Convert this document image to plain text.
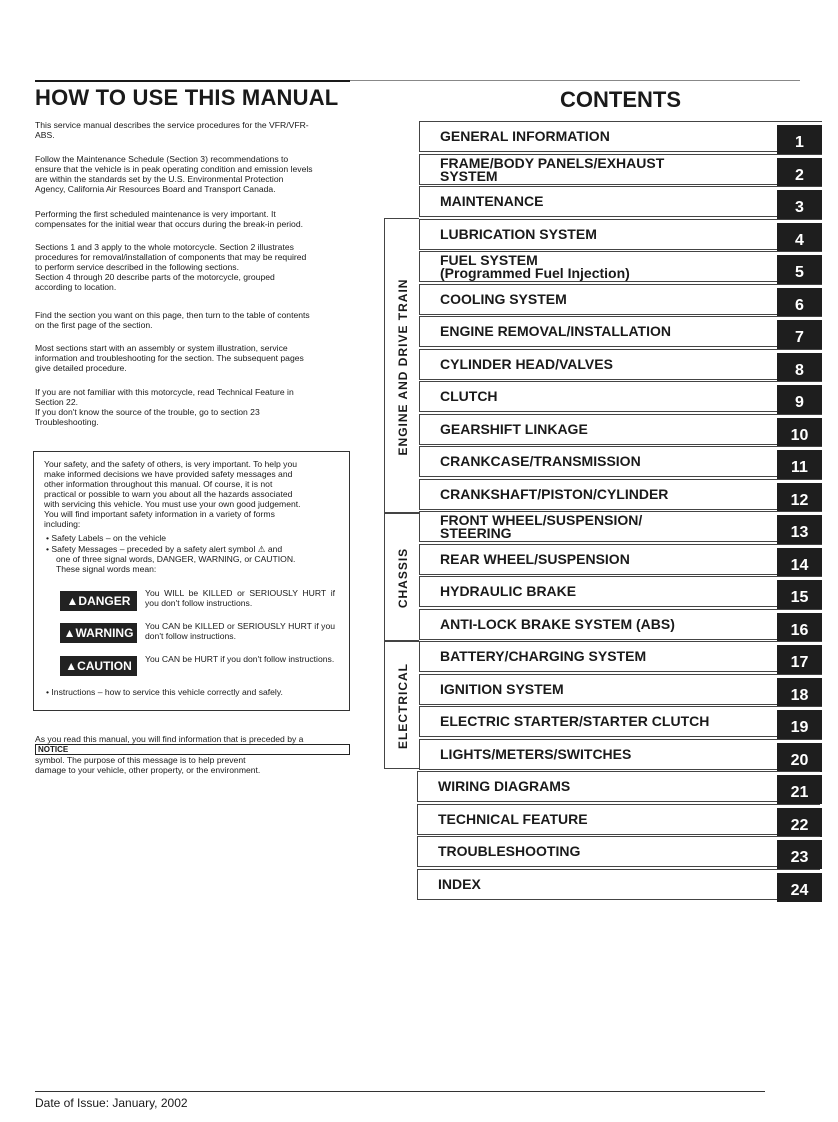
HOW TO USE THIS MANUAL	CONTENTS
This service manual describes the service procedures for the VFR/VFR-
ABS.
Follow the Maintenance Schedule (Section 3) recommendations to
ensure that the vehicle is in peak operating condition and emission levels
are within the standards set by the U.S. Environmental Protection
Agency, California Air Resources Board and Transport Canada.
Performing the first scheduled maintenance is very important. It
compensates for the initial wear that occurs during the break-in period.
Sections 1 and 3 apply to the whole motorcycle. Section 2 illustrates
procedures for removal/installation of components that may be required
to perform service described in the following sections.
Section 4 through 20 describe parts of the motorcycle, grouped
according to location.
Find the section you want on this page, then turn to the table of contents
on the first page of the section.
Most sections start with an assembly or system illustration, service
information and troubleshooting for the section. The subsequent pages
give detailed procedure.
If you are not familiar with this motorcycle, read Technical Feature in
Section 22.
If you don't know the source of the trouble, go to section 23
Troubleshooting.
Your safety, and the safety of others, is very important. To help you
make informed decisions we have provided safety messages and
other information throughout this manual. Of course, it is not
practical or possible to warn you about all the hazards associated
with servicing this vehicle. You must use your own good judgement.
You will find important safety information in a variety of forms
including:
• Safety Labels – on the vehicle
• Safety Messages – preceded by a safety alert symbol ⚠ and
one of three signal words, DANGER, WARNING, or CAUTION.
These signal words mean:
▲DANGER
You WILL be KILLED or SERIOUSLY HURT if you don't follow instructions.
▲WARNING	You CAN be KILLED or SERIOUSLY HURT if you don't follow instructions.
▲CAUTION	You CAN be HURT if you don't follow instructions.
• Instructions – how to service this vehicle correctly and safely.
As you read this manual, you will find information that is preceded by a
NOTICE
symbol. The purpose of this message is to help prevent
damage to your vehicle, other property, or the environment.
ENGINE AND DRIVE TRAIN
CHASSIS
ELECTRICAL
GENERAL INFORMATION	1
FRAME/BODY PANELS/EXHAUST
SYSTEM	2
MAINTENANCE	3
LUBRICATION SYSTEM	4
FUEL SYSTEM
(Programmed Fuel Injection)	5
COOLING SYSTEM	6
ENGINE REMOVAL/INSTALLATION	7
CYLINDER HEAD/VALVES	8
CLUTCH	9
GEARSHIFT LINKAGE	10
CRANKCASE/TRANSMISSION	11
CRANKSHAFT/PISTON/CYLINDER	12
FRONT WHEEL/SUSPENSION/
STEERING	13
REAR WHEEL/SUSPENSION	14
HYDRAULIC BRAKE	15
ANTI-LOCK BRAKE SYSTEM (ABS)	16
BATTERY/CHARGING SYSTEM	17
IGNITION SYSTEM	18
ELECTRIC STARTER/STARTER CLUTCH	19
LIGHTS/METERS/SWITCHES	20
WIRING DIAGRAMS	21
TECHNICAL FEATURE	22
TROUBLESHOOTING	23
INDEX	24
Date of Issue: January, 2002
